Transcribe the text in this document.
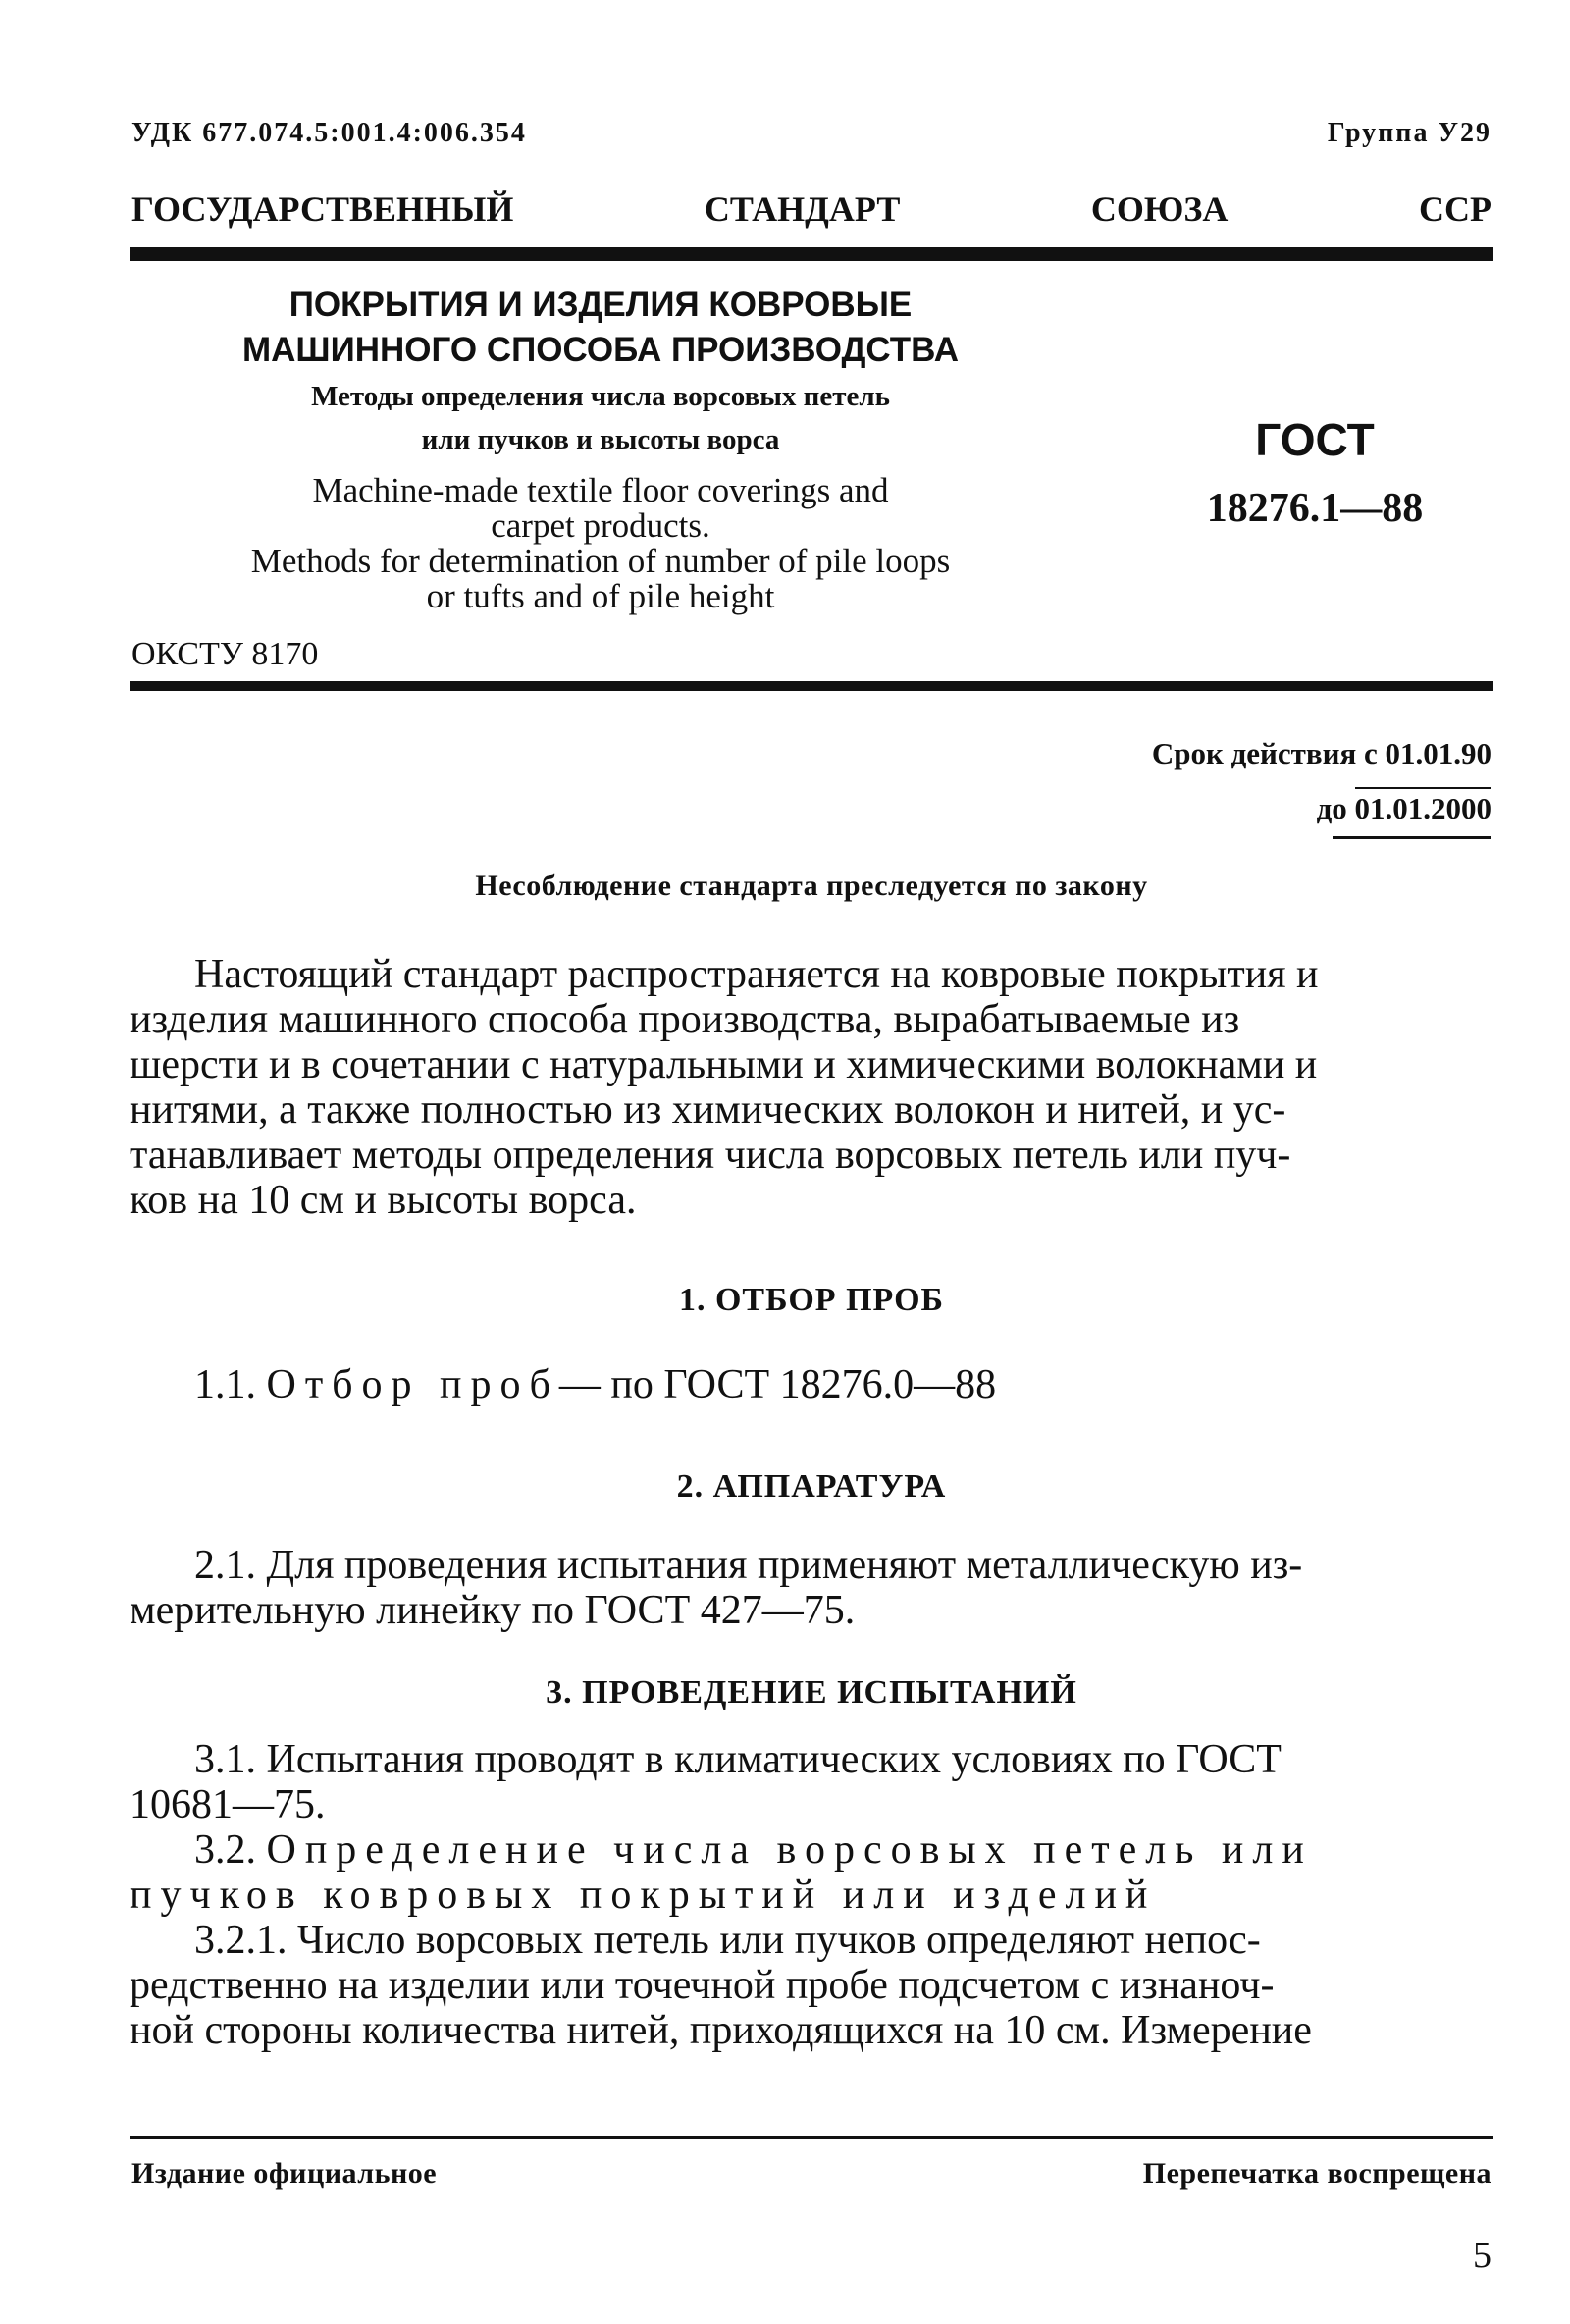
УДК 677.074.5:001.4:006.354	Группа У29
ГОСУДАРСТВЕННЫЙ СТАНДАРТ СОЮЗА ССР
ПОКРЫТИЯ И ИЗДЕЛИЯ КОВРОВЫЕ
МАШИННОГО СПОСОБА ПРОИЗВОДСТВА
Методы определения числа ворсовых петель
или пучков и высоты ворса
Machine-made textile floor coverings and
carpet products.
Methods for determination of number of pile loops
or tufts and of pile height
ГОСТ
18276.1—88
ОКСТУ 8170
Срок действия с 01.01.90
до 01.01.2000
Несоблюдение стандарта преследуется по закону

Настоящий стандарт распространяется на ковровые покрытия и

изделия машинного способа производства, вырабатываемые из

шерсти и в сочетании с натуральными и химическими волокнами и

нитями, а также полностью из химических волокон и нитей, и ус-

танавливает методы определения числа ворсовых петель или пуч-

ков на 10 см и высоты ворса.

1. ОТБОР ПРОБ

1.1. Отбор проб— по ГОСТ 18276.0—88

2. АППАРАТУРА

2.1. Для проведения испытания применяют металлическую из-

мерительную линейку по ГОСТ 427—75.

3. ПРОВЕДЕНИЕ ИСПЫТАНИЙ

3.1. Испытания проводят в климатических условиях по ГОСТ

10681—75.

3.2. Определение числа ворсовых петель или

пучков ковровых покрытий или изделий

3.2.1. Число ворсовых петель или пучков определяют непос-

редственно на изделии или точечной пробе подсчетом с изнаноч-

ной стороны количества нитей, приходящихся на 10 см. Измерение

Издание официальное	Перепечатка воспрещена
5
